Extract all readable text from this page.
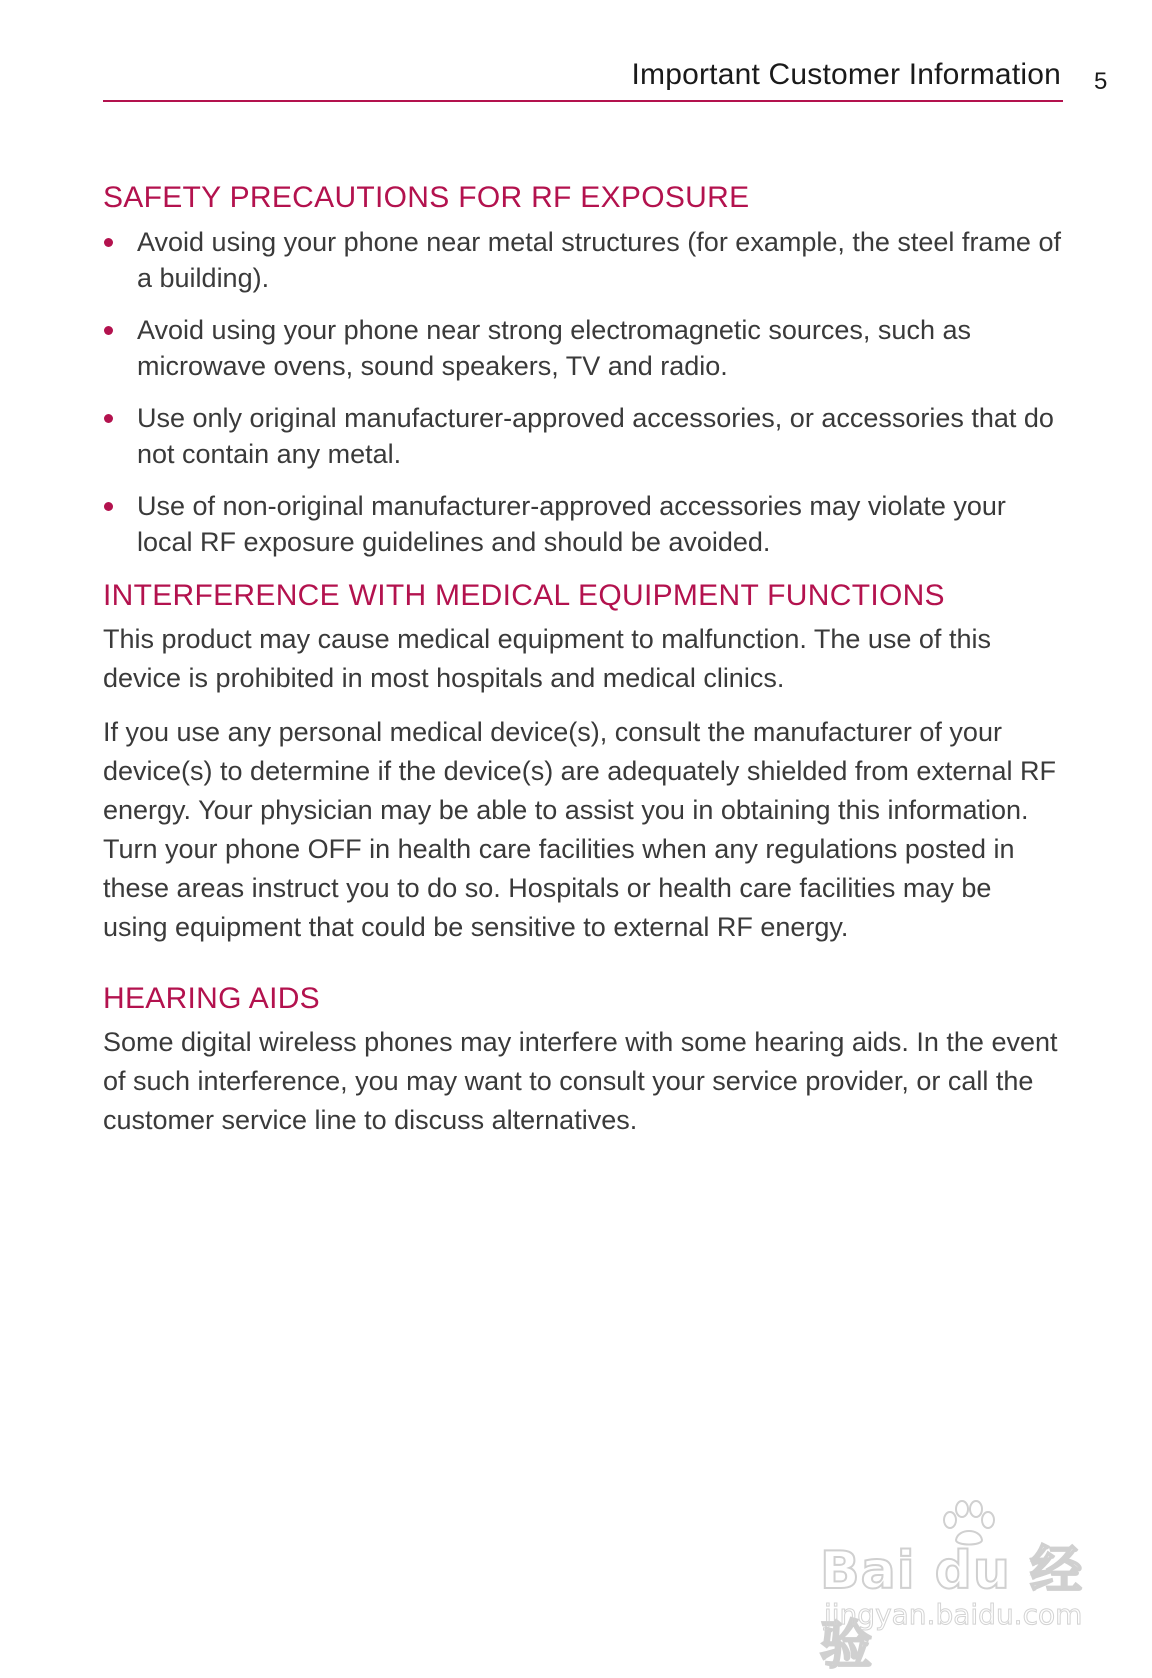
Important Customer Information 5
SAFETY PRECAUTIONS FOR RF EXPOSURE
Avoid using your phone near metal structures (for example, the steel frame of a building).
Avoid using your phone near strong electromagnetic sources, such as microwave ovens, sound speakers, TV and radio.
Use only original manufacturer-approved accessories, or accessories that do not contain any metal.
Use of non-original manufacturer-approved accessories may violate your local RF exposure guidelines and should be avoided.
INTERFERENCE WITH MEDICAL EQUIPMENT FUNCTIONS

This product may cause medical equipment to malfunction. The use of this device is prohibited in most hospitals and medical clinics.

If you use any personal medical device(s), consult the manufacturer of your device(s) to determine if the device(s) are adequately shielded from external RF energy. Your physician may be able to assist you in obtaining this information. Turn your phone OFF in health care facilities when any regulations posted in these areas instruct you to do so. Hospitals or health care facilities may be using equipment that could be sensitive to external RF energy.

HEARING AIDS

Some digital wireless phones may interfere with some hearing aids. In the event of such interference, you may want to consult your service provider, or call the customer service line to discuss alternatives.

Bai du 经验
jingyan.baidu.com
